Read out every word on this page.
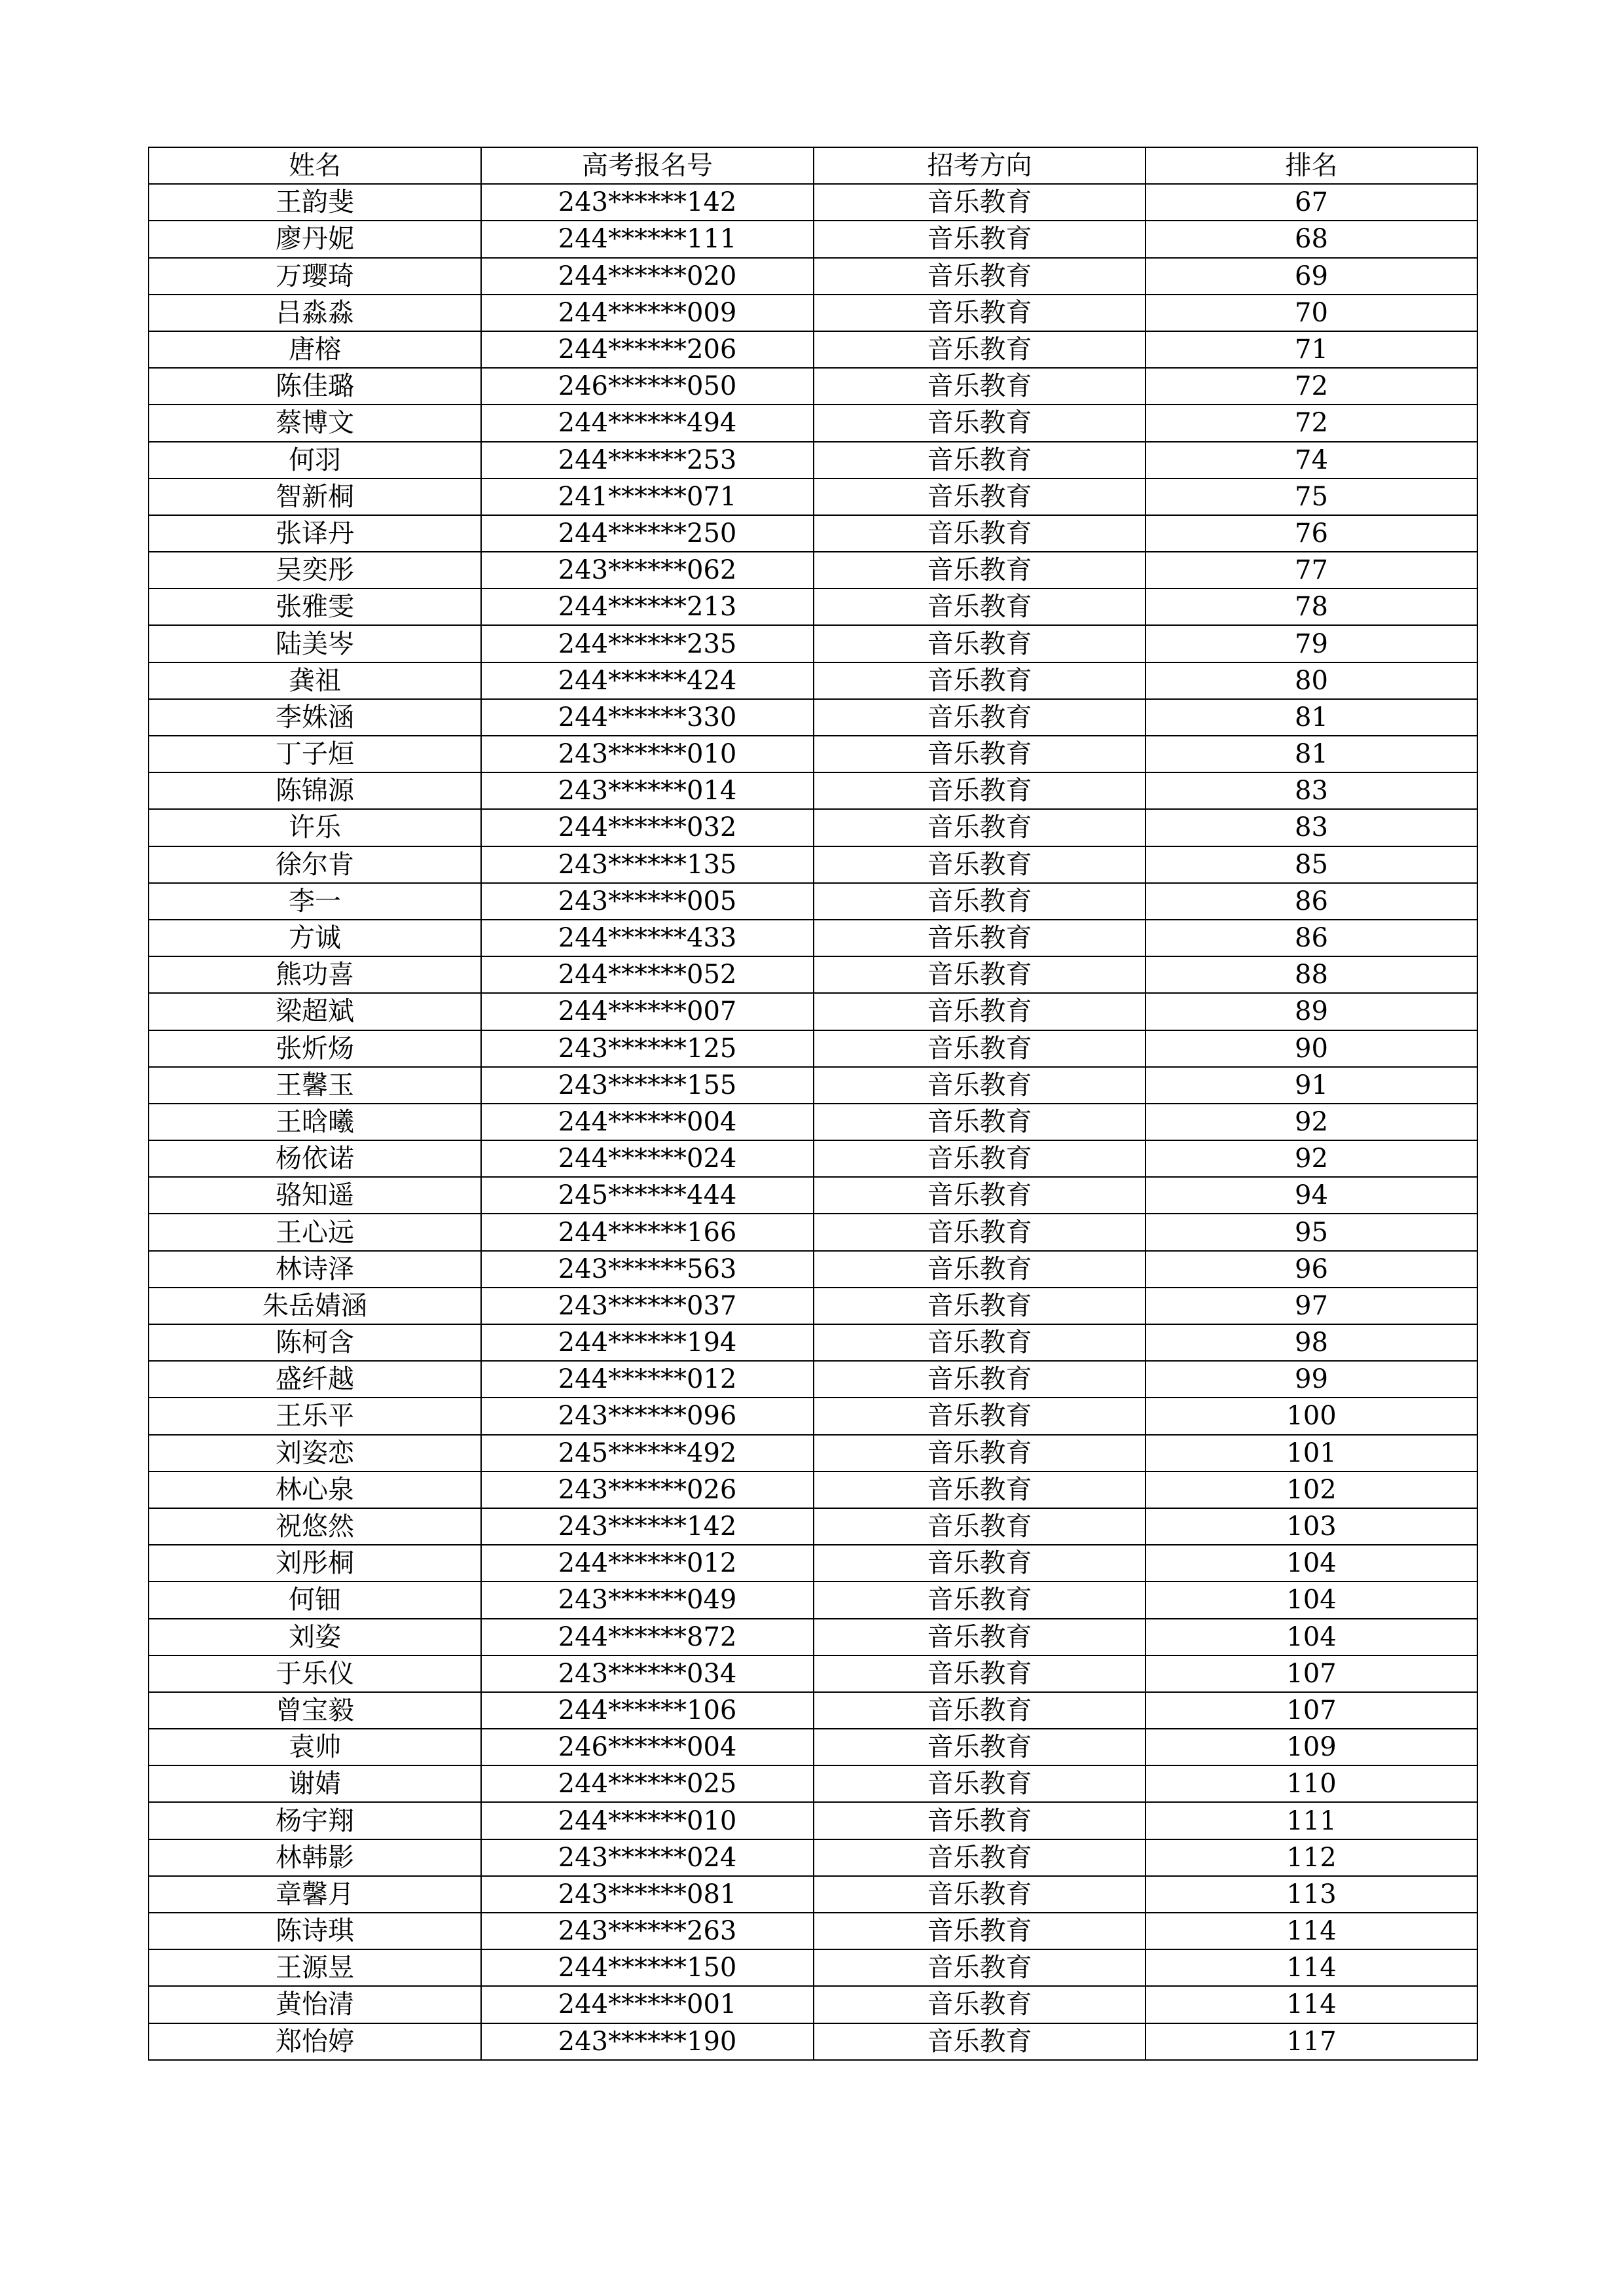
姓名	高考报名号	招考方向	排名
王韵斐	243******142	音乐教育	67
廖丹妮	244******111	音乐教育	68
万璎琦	244******020	音乐教育	69
吕淼淼	244******009	音乐教育	70
唐榕	244******206	音乐教育	71
陈佳璐	246******050	音乐教育	72
蔡博文	244******494	音乐教育	72
何羽	244******253	音乐教育	74
智新桐	241******071	音乐教育	75
张译丹	244******250	音乐教育	76
吴奕彤	243******062	音乐教育	77
张雅雯	244******213	音乐教育	78
陆美岑	244******235	音乐教育	79
龚祖	244******424	音乐教育	80
李姝涵	244******330	音乐教育	81
丁子烜	243******010	音乐教育	81
陈锦源	243******014	音乐教育	83
许乐	244******032	音乐教育	83
徐尔肯	243******135	音乐教育	85
李一	243******005	音乐教育	86
方诚	244******433	音乐教育	86
熊功喜	244******052	音乐教育	88
梁超斌	244******007	音乐教育	89
张炘炀	243******125	音乐教育	90
王馨玉	243******155	音乐教育	91
王晗曦	244******004	音乐教育	92
杨依诺	244******024	音乐教育	92
骆知遥	245******444	音乐教育	94
王心远	244******166	音乐教育	95
林诗泽	243******563	音乐教育	96
朱岳婧涵	243******037	音乐教育	97
陈柯含	244******194	音乐教育	98
盛纤越	244******012	音乐教育	99
王乐平	243******096	音乐教育	100
刘姿恋	245******492	音乐教育	101
林心泉	243******026	音乐教育	102
祝悠然	243******142	音乐教育	103
刘彤桐	244******012	音乐教育	104
何钿	243******049	音乐教育	104
刘姿	244******872	音乐教育	104
于乐仪	243******034	音乐教育	107
曾宝毅	244******106	音乐教育	107
袁帅	246******004	音乐教育	109
谢婧	244******025	音乐教育	110
杨宇翔	244******010	音乐教育	111
林韩影	243******024	音乐教育	112
章馨月	243******081	音乐教育	113
陈诗琪	243******263	音乐教育	114
王源昱	244******150	音乐教育	114
黄怡清	244******001	音乐教育	114
郑怡婷	243******190	音乐教育	117
